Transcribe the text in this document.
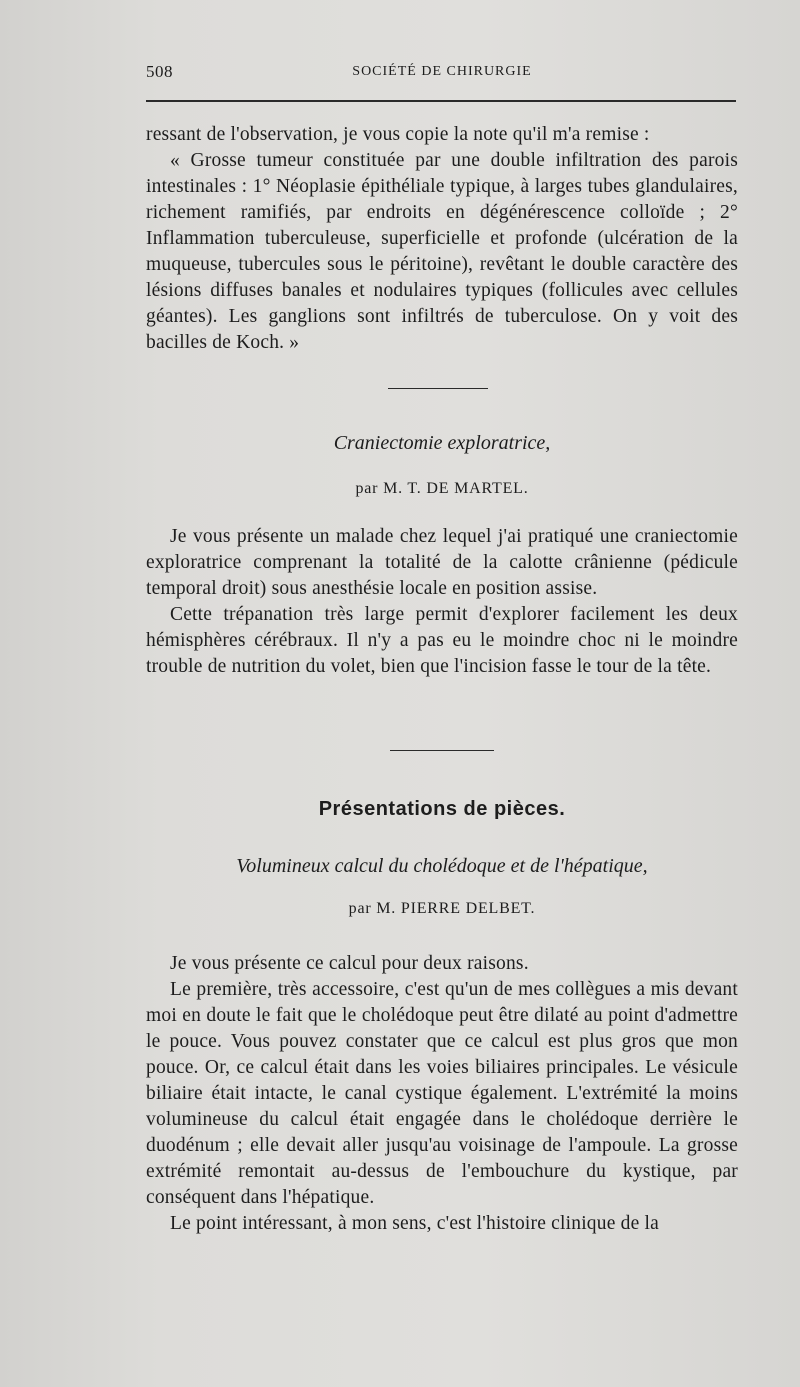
508	SOCIÉTÉ DE CHIRURGIE

ressant de l'observation, je vous copie la note qu'il m'a remise :

« Grosse tumeur constituée par une double infiltration des parois intestinales : 1° Néoplasie épithéliale typique, à larges tubes glandulaires, richement ramifiés, par endroits en dégénérescence colloïde ; 2° Inflammation tuberculeuse, superficielle et profonde (ulcération de la muqueuse, tubercules sous le péritoine), revêtant le double caractère des lésions diffuses banales et nodulaires typiques (follicules avec cellules géantes). Les ganglions sont infiltrés de tuberculose. On y voit des bacilles de Koch. »

Craniectomie exploratrice,
par M. T. DE MARTEL.

Je vous présente un malade chez lequel j'ai pratiqué une craniectomie exploratrice comprenant la totalité de la calotte crânienne (pédicule temporal droit) sous anesthésie locale en position assise.

Cette trépanation très large permit d'explorer facilement les deux hémisphères cérébraux. Il n'y a pas eu le moindre choc ni le moindre trouble de nutrition du volet, bien que l'incision fasse le tour de la tête.

Présentations de pièces.
Volumineux calcul du cholédoque et de l'hépatique,
par M. PIERRE DELBET.

Je vous présente ce calcul pour deux raisons.

Le première, très accessoire, c'est qu'un de mes collègues a mis devant moi en doute le fait que le cholédoque peut être dilaté au point d'admettre le pouce. Vous pouvez constater que ce calcul est plus gros que mon pouce. Or, ce calcul était dans les voies biliaires principales. Le vésicule biliaire était intacte, le canal cystique également. L'extrémité la moins volumineuse du calcul était engagée dans le cholédoque derrière le duodénum ; elle devait aller jusqu'au voisinage de l'ampoule. La grosse extrémité remontait au-dessus de l'embouchure du kystique, par conséquent dans l'hépatique.

Le point intéressant, à mon sens, c'est l'histoire clinique de la
